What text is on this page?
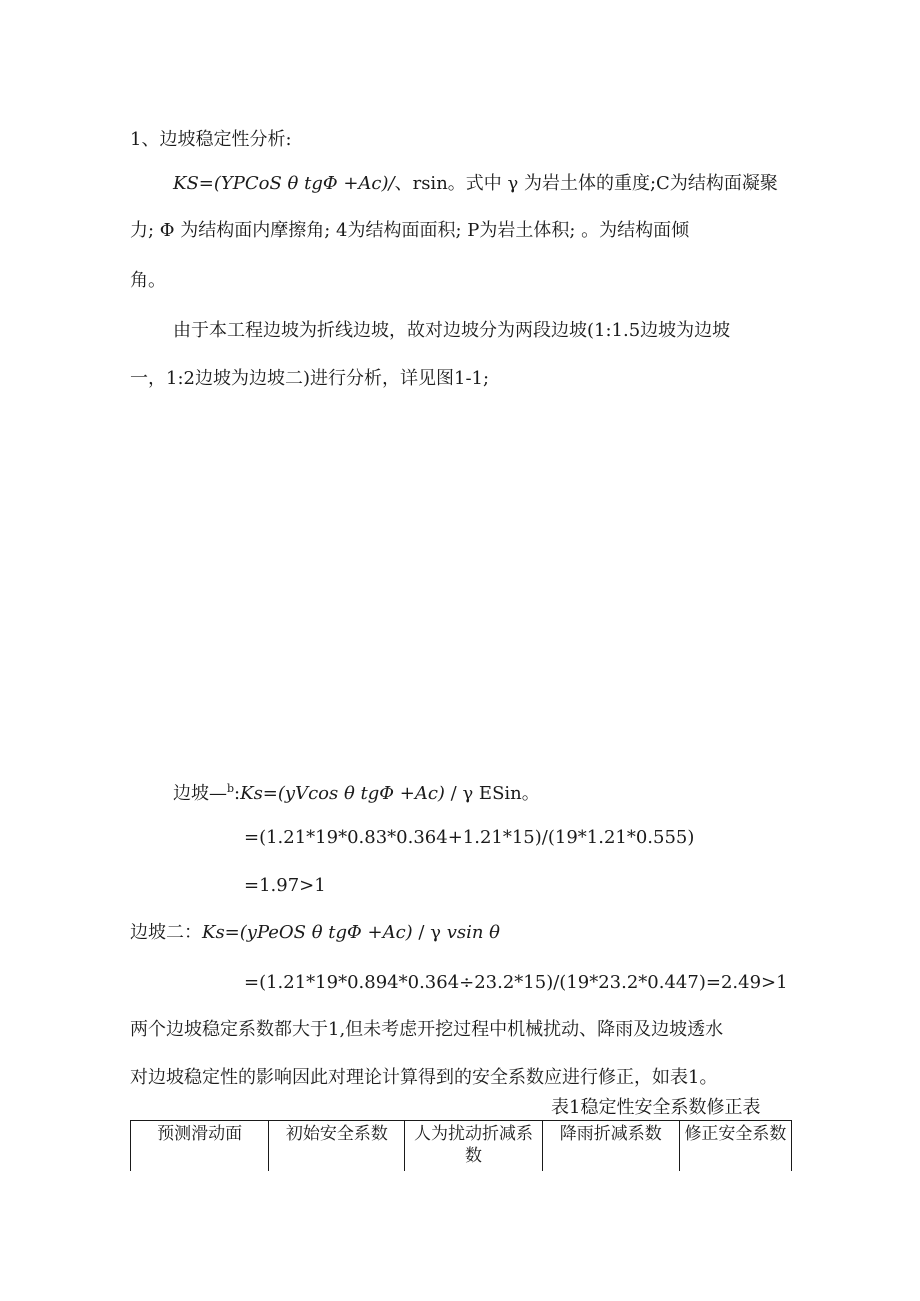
1、边坡稳定性分析:
KS=(YPCoS θ tgΦ +Ac)/、rsin。式中 γ 为岩土体的重度;C为结构面凝聚
力; Φ 为结构面内摩擦角; 4为结构面面积; P为岩土体积; 。为结构面倾
角。
由于本工程边坡为折线边坡，故对边坡分为两段边坡(1:1.5边坡为边坡
一，1:2边坡为边坡二)进行分析，详见图1-1;
边坡—$^b$:Ks=(yVcos θ tgΦ +Ac) / γ ESin。
=(1.21*19*0.83*0.364+1.21*15)/(19*1.21*0.555)
=1.97>1
边坡二：Ks=(yPeOS θ tgΦ +Ac) / γ vsin θ
=(1.21*19*0.894*0.364÷23.2*15)/(19*23.2*0.447)=2.49>1
两个边坡稳定系数都大于1,但未考虑开挖过程中机械扰动、降雨及边坡透水
对边坡稳定性的影响因此对理论计算得到的安全系数应进行修正，如表1。
表1稳定性安全系数修正表
预测滑动面	初始安全系数	人为扰动折减系数	降雨折减系数	修正安全系数
